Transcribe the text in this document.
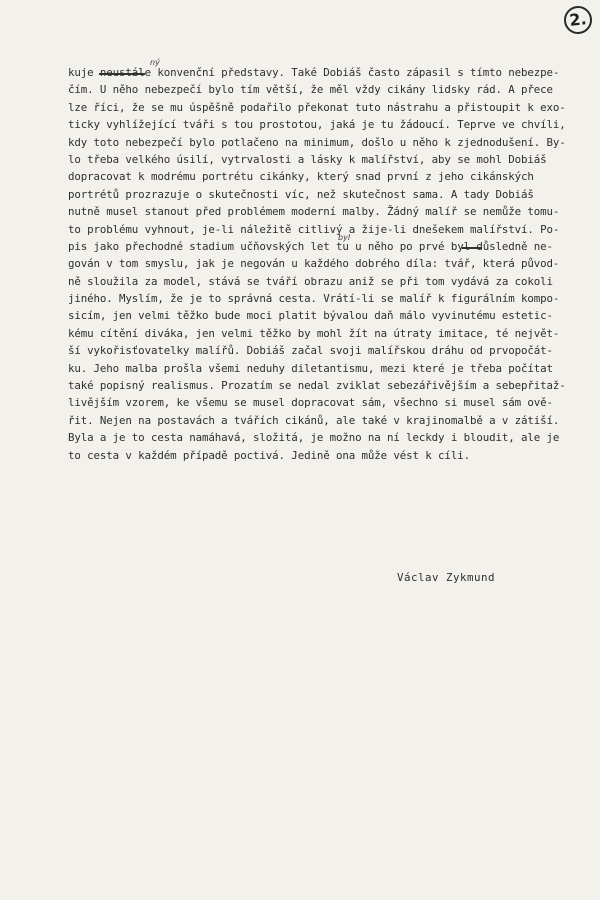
2.
ný
byl
kuje neustále konvenční představy. Také Dobiáš často zápasil s tímto nebezpe-
čím. U něho nebezpečí bylo tím větší, že měl vždy cikány lidsky rád. A přece
lze říci, že se mu úspěšně podařilo překonat tuto nástrahu a přistoupit k exo-
ticky vyhlížející tváři s tou prostotou, jaká je tu žádoucí. Teprve ve chvíli,
kdy toto nebezpečí bylo potlačeno na minimum, došlo u něho k zjednodušení. By-
lo třeba velkého úsilí, vytrvalosti a lásky k malířství, aby se mohl Dobiáš
dopracovat k modrému portrétu cikánky, který snad první z jeho cikánských
portrétů prozrazuje o skutečnosti víc, než skutečnost sama. A tady Dobiáš
nutně musel stanout před problémem moderní malby. Žádný malíř se nemůže tomu-
to problému vyhnout, je-li náležitě citlivý a žije-li dnešekem malířství. Po-
pis jako přechodné stadium učňovských let tu u něho po prvé byl důsledně ne-
gován v tom smyslu, jak je negován u každého dobrého díla: tvář, která původ-
ně sloužila za model, stává se tváří obrazu aniž se při tom vydává za cokoli
jiného. Myslím, že je to správná cesta. Vrátí-li se malíř k figurálním kompo-
sicím, jen velmi těžko bude moci platit bývalou daň málo vyvinutému estetic-
kému cítění diváka, jen velmi těžko by mohl žít na útraty imitace, té největ-
ší vykořisťovatelky malířů. Dobiáš začal svoji malířskou dráhu od prvopočát-
ku. Jeho malba prošla všemi neduhy diletantismu, mezi které je třeba počítat
také popisný realismus. Prozatím se nedal zviklat sebezářivějším a sebepřitaž-
livějším vzorem, ke všemu se musel dopracovat sám, všechno si musel sám ově-
řit. Nejen na postavách a tvářích cikánů, ale také v krajinomalbě a v zátiší.
Byla a je to cesta namáhavá, složitá, je možno na ní leckdy i bloudit, ale je
to cesta v každém případě poctivá. Jedině ona může vést k cíli.
Václav Zykmund
